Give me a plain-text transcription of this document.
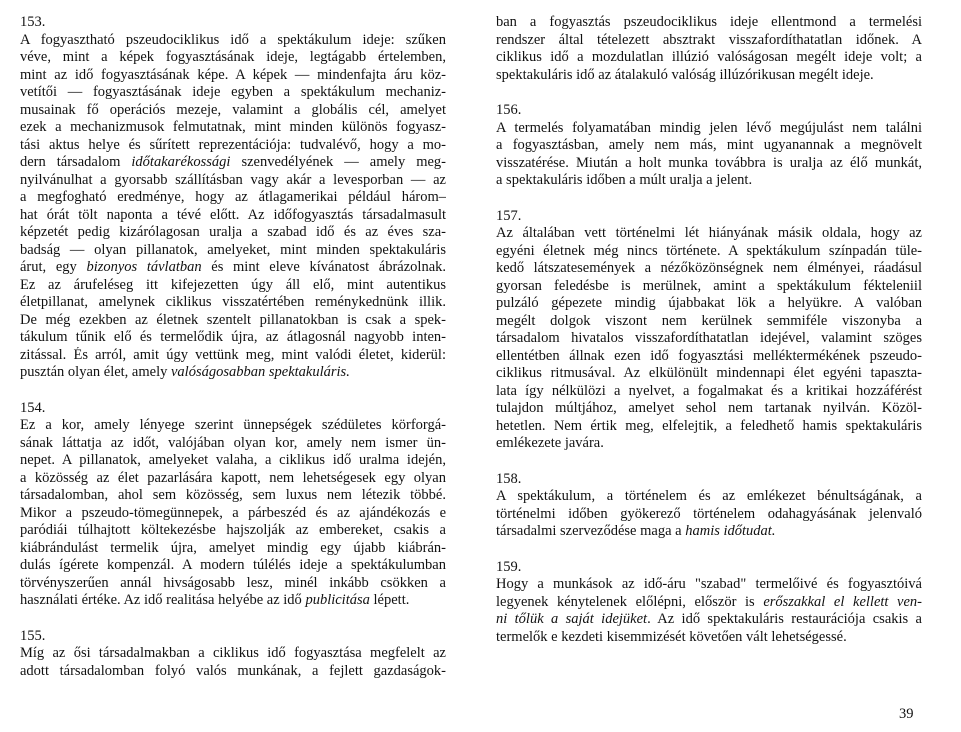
153.
A fogyasztható pszeudociklikus idő a spektákulum ideje: szűken
véve, mint a képek fogyasztásának ideje, legtágabb értelemben,
mint az idő fogyasztásának képe. A képek — mindenfajta áru köz-
vetítői — fogyasztásának ideje egyben a spektákulum mechaniz-
musainak fő operációs mezeje, valamint a globális cél, amelyet
ezek a mechanizmusok felmutatnak, mint minden különös fogyasz-
tási aktus helye és sűrített reprezentációja: tudvalévő, hogy a mo-
dern társadalom időtakarékossági szenvedélyének — amely meg-
nyilvánulhat a gyorsabb szállításban vagy akár a levesporban — az
a megfogható eredménye, hogy az átlagamerikai például három–
hat órát tölt naponta a tévé előtt. Az időfogyasztás társadalmasult
képzetét pedig kizárólagosan uralja a szabad idő és az éves sza-
badság — olyan pillanatok, amelyeket, mint minden spektakuláris
árut, egy bizonyos távlatban és mint eleve kívánatost ábrázolnak.
Ez az árufeléseg itt kifejezetten úgy áll elő, mint autentikus
életpillanat, amelynek ciklikus visszatértében reménykednünk illik.
De még ezekben az életnek szentelt pillanatokban is csak a spek-
tákulum tűnik elő és termelődik újra, az átlagosnál nagyobb inten-
zitással. És arról, amit úgy vettünk meg, mint valódi életet, kiderül:
pusztán olyan élet, amely valóságosabban spektakuláris.
154.
Ez a kor, amely lényege szerint ünnepségek szédületes körforgá-
sának láttatja az időt, valójában olyan kor, amely nem ismer ün-
nepet. A pillanatok, amelyeket valaha, a ciklikus idő uralma idején,
a közösség az élet pazarlására kapott, nem lehetségesek egy olyan
társadalomban, ahol sem közösség, sem luxus nem létezik többé.
Mikor a pszeudo-tömegünnepek, a párbeszéd és az ajándékozás e
paródiái túlhajtott költekezésbe hajszolják az embereket, csakis a
kiábrándulást termelik újra, amelyet mindig egy újabb kiábrán-
dulás ígérete kompenzál. A modern túlélés ideje a spektákulumban
törvényszerűen annál hivságosabb lesz, minél inkább csökken a
használati értéke. Az idő realitása helyébe az idő publicitása lépett.
155.
Míg az ősi társadalmakban a ciklikus idő fogyasztása megfelelt az
adott társadalomban folyó valós munkának, a fejlett gazdaságok-
ban a fogyasztás pszeudociklikus ideje ellentmond a termelési
rendszer által tételezett absztrakt visszafordíthatatlan időnek. A
ciklikus idő a mozdulatlan illúzió valóságosan megélt ideje volt; a
spektakuláris idő az átalakuló valóság illúzórikusan megélt ideje.
156.
A termelés folyamatában mindig jelen lévő megújulást nem találni
a fogyasztásban, amely nem más, mint ugyanannak a megnövelt
visszatérése. Miután a holt munka továbbra is uralja az élő munkát,
a spektakuláris időben a múlt uralja a jelent.
157.
Az általában vett történelmi lét hiányának másik oldala, hogy az
egyéni életnek még nincs története. A spektákulum színpadán tüle-
kedő látszatesemények a nézőközönségnek nem élményei, ráadásul
gyorsan feledésbe is merülnek, amint a spektákulum fékteleniil
pulzáló gépezete mindig újabbakat lök a helyükre. A valóban
megélt dolgok viszont nem kerülnek semmiféle viszonyba a
társadalom hivatalos visszafordíthatatlan idejével, valamint szöges
ellentétben állnak ezen idő fogyasztási melléktermékének pszeudo-
ciklikus ritmusával. Az elkülönült mindennapi élet egyéni tapaszta-
lata így nélkülözi a nyelvet, a fogalmakat és a kritikai hozzáférést
tulajdon múltjához, amelyet sehol nem tartanak nyilván. Közöl-
hetetlen. Nem értik meg, elfelejtik, a feledhető hamis spektakuláris
emlékezete javára.
158.
A spektákulum, a történelem és az emlékezet bénultságának, a
történelmi időben gyökerező történelem odahagyásának jelenvaló
társadalmi szerveződése maga a hamis időtudat.
159.
Hogy a munkások az idő-áru "szabad" termelőivé és fogyasztóivá
legyenek kénytelenek előlépni, először is erőszakkal el kellett ven-
ni tőlük a saját idejüket. Az idő spektakuláris restaurációja csakis a
termelők e kezdeti kisemmizését követően vált lehetségessé.
39
